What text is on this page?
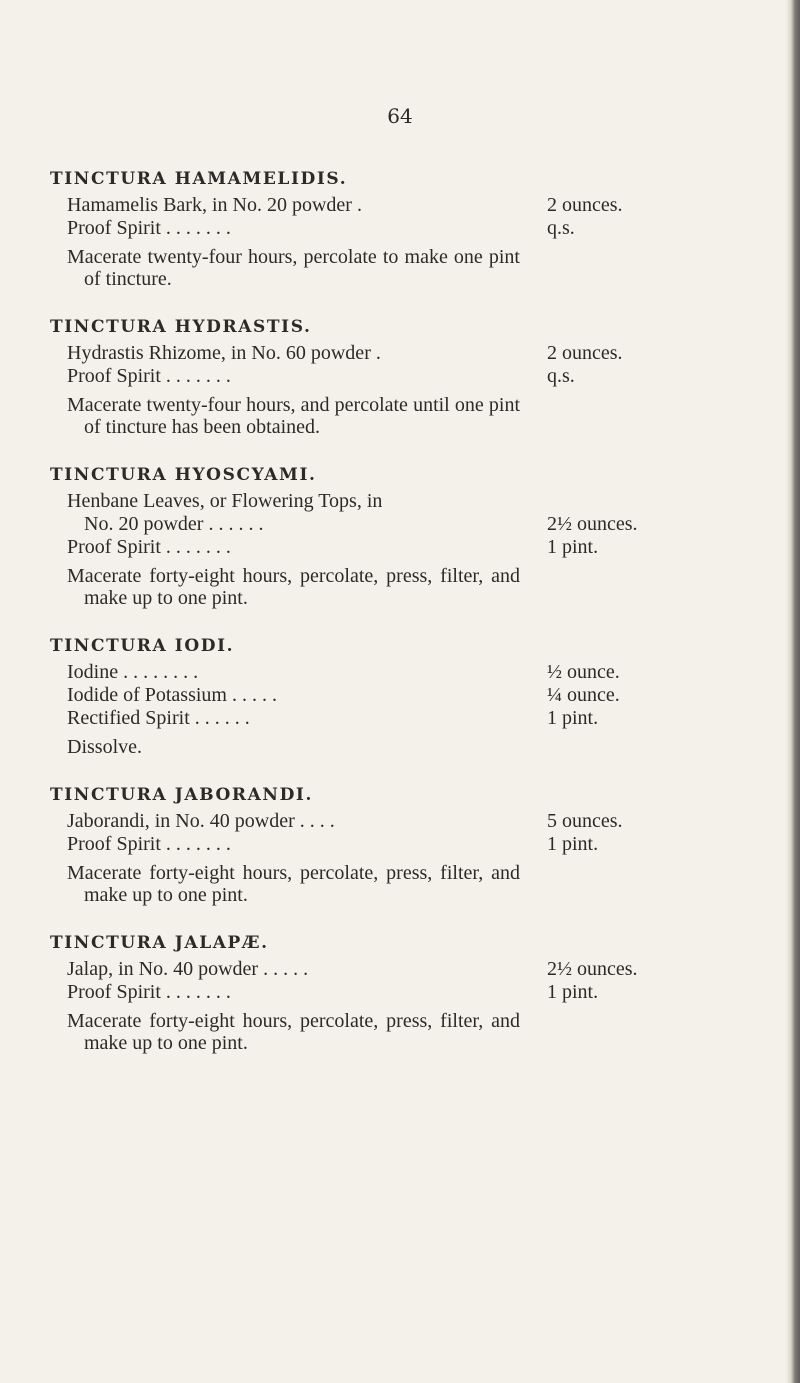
64
TINCTURA HAMAMELIDIS.
Hamamelis Bark, in No. 20 powder .	2 ounces.
Proof Spirit . . . . . . .	q.s.
Macerate twenty-four hours, percolate to make one pint of tincture.
TINCTURA HYDRASTIS.
Hydrastis Rhizome, in No. 60 powder .	2 ounces.
Proof Spirit . . . . . . .	q.s.
Macerate twenty-four hours, and percolate until one pint of tincture has been obtained.
TINCTURA HYOSCYAMI.
Henbane Leaves, or Flowering Tops, in
No. 20 powder . . . . . .	2½ ounces.
Proof Spirit . . . . . . .	1 pint.
Macerate forty-eight hours, percolate, press, filter, and make up to one pint.
TINCTURA IODI.
Iodine . . . . . . . .	½ ounce.
Iodide of Potassium . . . . .	¼ ounce.
Rectified Spirit . . . . . .	1 pint.
Dissolve.
TINCTURA JABORANDI.
Jaborandi, in No. 40 powder . . . .	5 ounces.
Proof Spirit . . . . . . .	1 pint.
Macerate forty-eight hours, percolate, press, filter, and make up to one pint.
TINCTURA JALAPÆ.
Jalap, in No. 40 powder . . . . .	2½ ounces.
Proof Spirit . . . . . . .	1 pint.
Macerate forty-eight hours, percolate, press, filter, and make up to one pint.
